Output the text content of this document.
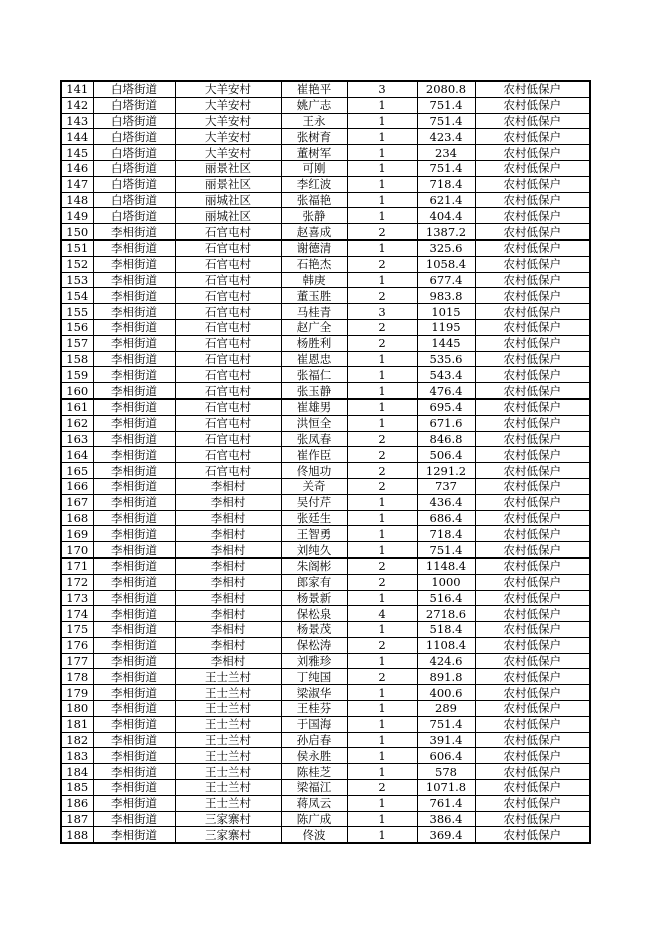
141	白塔街道	大羊安村	崔艳平	3	2080.8	农村低保户
142	白塔街道	大羊安村	姚广志	1	751.4	农村低保户
143	白塔街道	大羊安村	王永	1	751.4	农村低保户
144	白塔街道	大羊安村	张树育	1	423.4	农村低保户
145	白塔街道	大羊安村	董树军	1	234	农村低保户
146	白塔街道	丽景社区	可刚	1	751.4	农村低保户
147	白塔街道	丽景社区	李红波	1	718.4	农村低保户
148	白塔街道	丽城社区	张福艳	1	621.4	农村低保户
149	白塔街道	丽城社区	张静	1	404.4	农村低保户
150	李相街道	石官屯村	赵喜成	2	1387.2	农村低保户
151	李相街道	石官屯村	谢德清	1	325.6	农村低保户
152	李相街道	石官屯村	石艳杰	2	1058.4	农村低保户
153	李相街道	石官屯村	韩庚	1	677.4	农村低保户
154	李相街道	石官屯村	董玉胜	2	983.8	农村低保户
155	李相街道	石官屯村	马桂青	3	1015	农村低保户
156	李相街道	石官屯村	赵广全	2	1195	农村低保户
157	李相街道	石官屯村	杨胜利	2	1445	农村低保户
158	李相街道	石官屯村	崔恩忠	1	535.6	农村低保户
159	李相街道	石官屯村	张福仁	1	543.4	农村低保户
160	李相街道	石官屯村	张玉静	1	476.4	农村低保户
161	李相街道	石官屯村	崔雄男	1	695.4	农村低保户
162	李相街道	石官屯村	洪恒全	1	671.6	农村低保户
163	李相街道	石官屯村	张凤春	2	846.8	农村低保户
164	李相街道	石官屯村	崔作臣	2	506.4	农村低保户
165	李相街道	石官屯村	佟旭功	2	1291.2	农村低保户
166	李相街道	李相村	关奇	2	737	农村低保户
167	李相街道	李相村	吴付芹	1	436.4	农村低保户
168	李相街道	李相村	张廷生	1	686.4	农村低保户
169	李相街道	李相村	王智勇	1	718.4	农村低保户
170	李相街道	李相村	刘纯久	1	751.4	农村低保户
171	李相街道	李相村	朱阁彬	2	1148.4	农村低保户
172	李相街道	李相村	郎家有	2	1000	农村低保户
173	李相街道	李相村	杨景新	1	516.4	农村低保户
174	李相街道	李相村	保松泉	4	2718.6	农村低保户
175	李相街道	李相村	杨景茂	1	518.4	农村低保户
176	李相街道	李相村	保松涛	2	1108.4	农村低保户
177	李相街道	李相村	刘雅珍	1	424.6	农村低保户
178	李相街道	王士兰村	丁纯国	2	891.8	农村低保户
179	李相街道	王士兰村	梁淑华	1	400.6	农村低保户
180	李相街道	王士兰村	王桂芬	1	289	农村低保户
181	李相街道	王士兰村	于国海	1	751.4	农村低保户
182	李相街道	王士兰村	孙启春	1	391.4	农村低保户
183	李相街道	王士兰村	侯永胜	1	606.4	农村低保户
184	李相街道	王士兰村	陈桂芝	1	578	农村低保户
185	李相街道	王士兰村	梁福江	2	1071.8	农村低保户
186	李相街道	王士兰村	蒋凤云	1	761.4	农村低保户
187	李相街道	三家寨村	陈广成	1	386.4	农村低保户
188	李相街道	三家寨村	佟波	1	369.4	农村低保户
